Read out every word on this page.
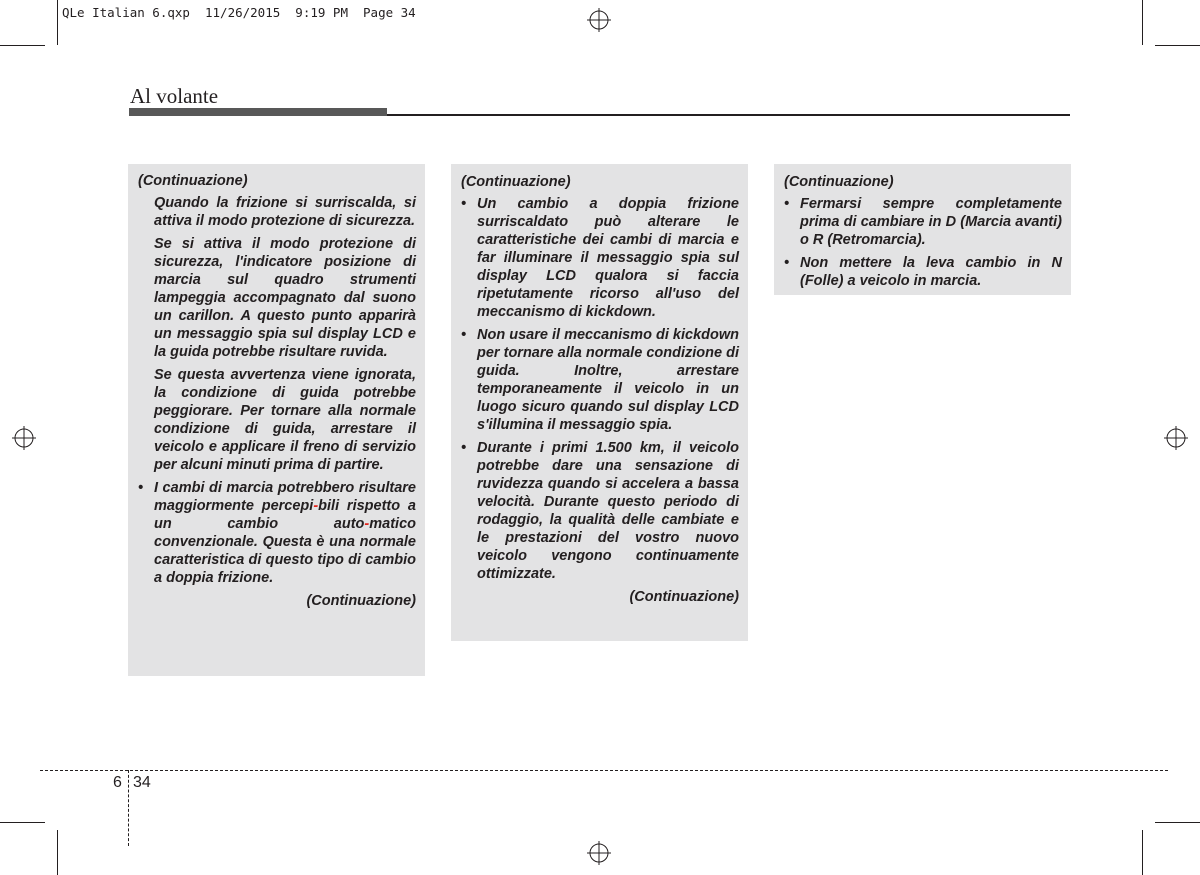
QLe Italian 6.qxp  11/26/2015  9:19 PM  Page 34
Al volante

(Continuazione)

Quando la frizione si surriscalda, si attiva il modo protezione di sicurezza.

Se si attiva il modo protezione di sicurezza, l'indicatore posizione di marcia sul quadro strumenti lampeggia accompagnato dal suono un carillon. A questo punto apparirà un messaggio spia sul display LCD e la guida potrebbe risultare ruvida.

Se questa avvertenza viene ignorata, la condizione di guida potrebbe peggiorare. Per tornare alla normale condizione di guida, arrestare il veicolo e applicare il freno di servizio per alcuni minuti prima di partire.

• I cambi di marcia potrebbero risultare maggiormente percepi-bili rispetto a un cambio auto-matico convenzionale. Questa è una normale caratteristica di questo tipo di cambio a doppia frizione.

(Continuazione)

(Continuazione)

• Un cambio a doppia frizione surriscaldato può alterare le caratteristiche dei cambi di marcia e far illuminare il messaggio spia sul display LCD qualora si faccia ripetutamente ricorso all'uso del meccanismo di kickdown.

• Non usare il meccanismo di kickdown per tornare alla normale condizione di guida. Inoltre, arrestare temporaneamente il veicolo in un luogo sicuro quando sul display LCD s'illumina il messaggio spia.

• Durante i primi 1.500 km, il veicolo potrebbe dare una sensazione di ruvidezza quando si accelera a bassa velocità. Durante questo periodo di rodaggio, la qualità delle cambiate e le prestazioni del vostro nuovo veicolo vengono continuamente ottimizzate.

(Continuazione)

(Continuazione)

• Fermarsi sempre completamente prima di cambiare in D (Marcia avanti) o R (Retromarcia).

• Non mettere la leva cambio in N (Folle) a veicolo in marcia.

6 34
